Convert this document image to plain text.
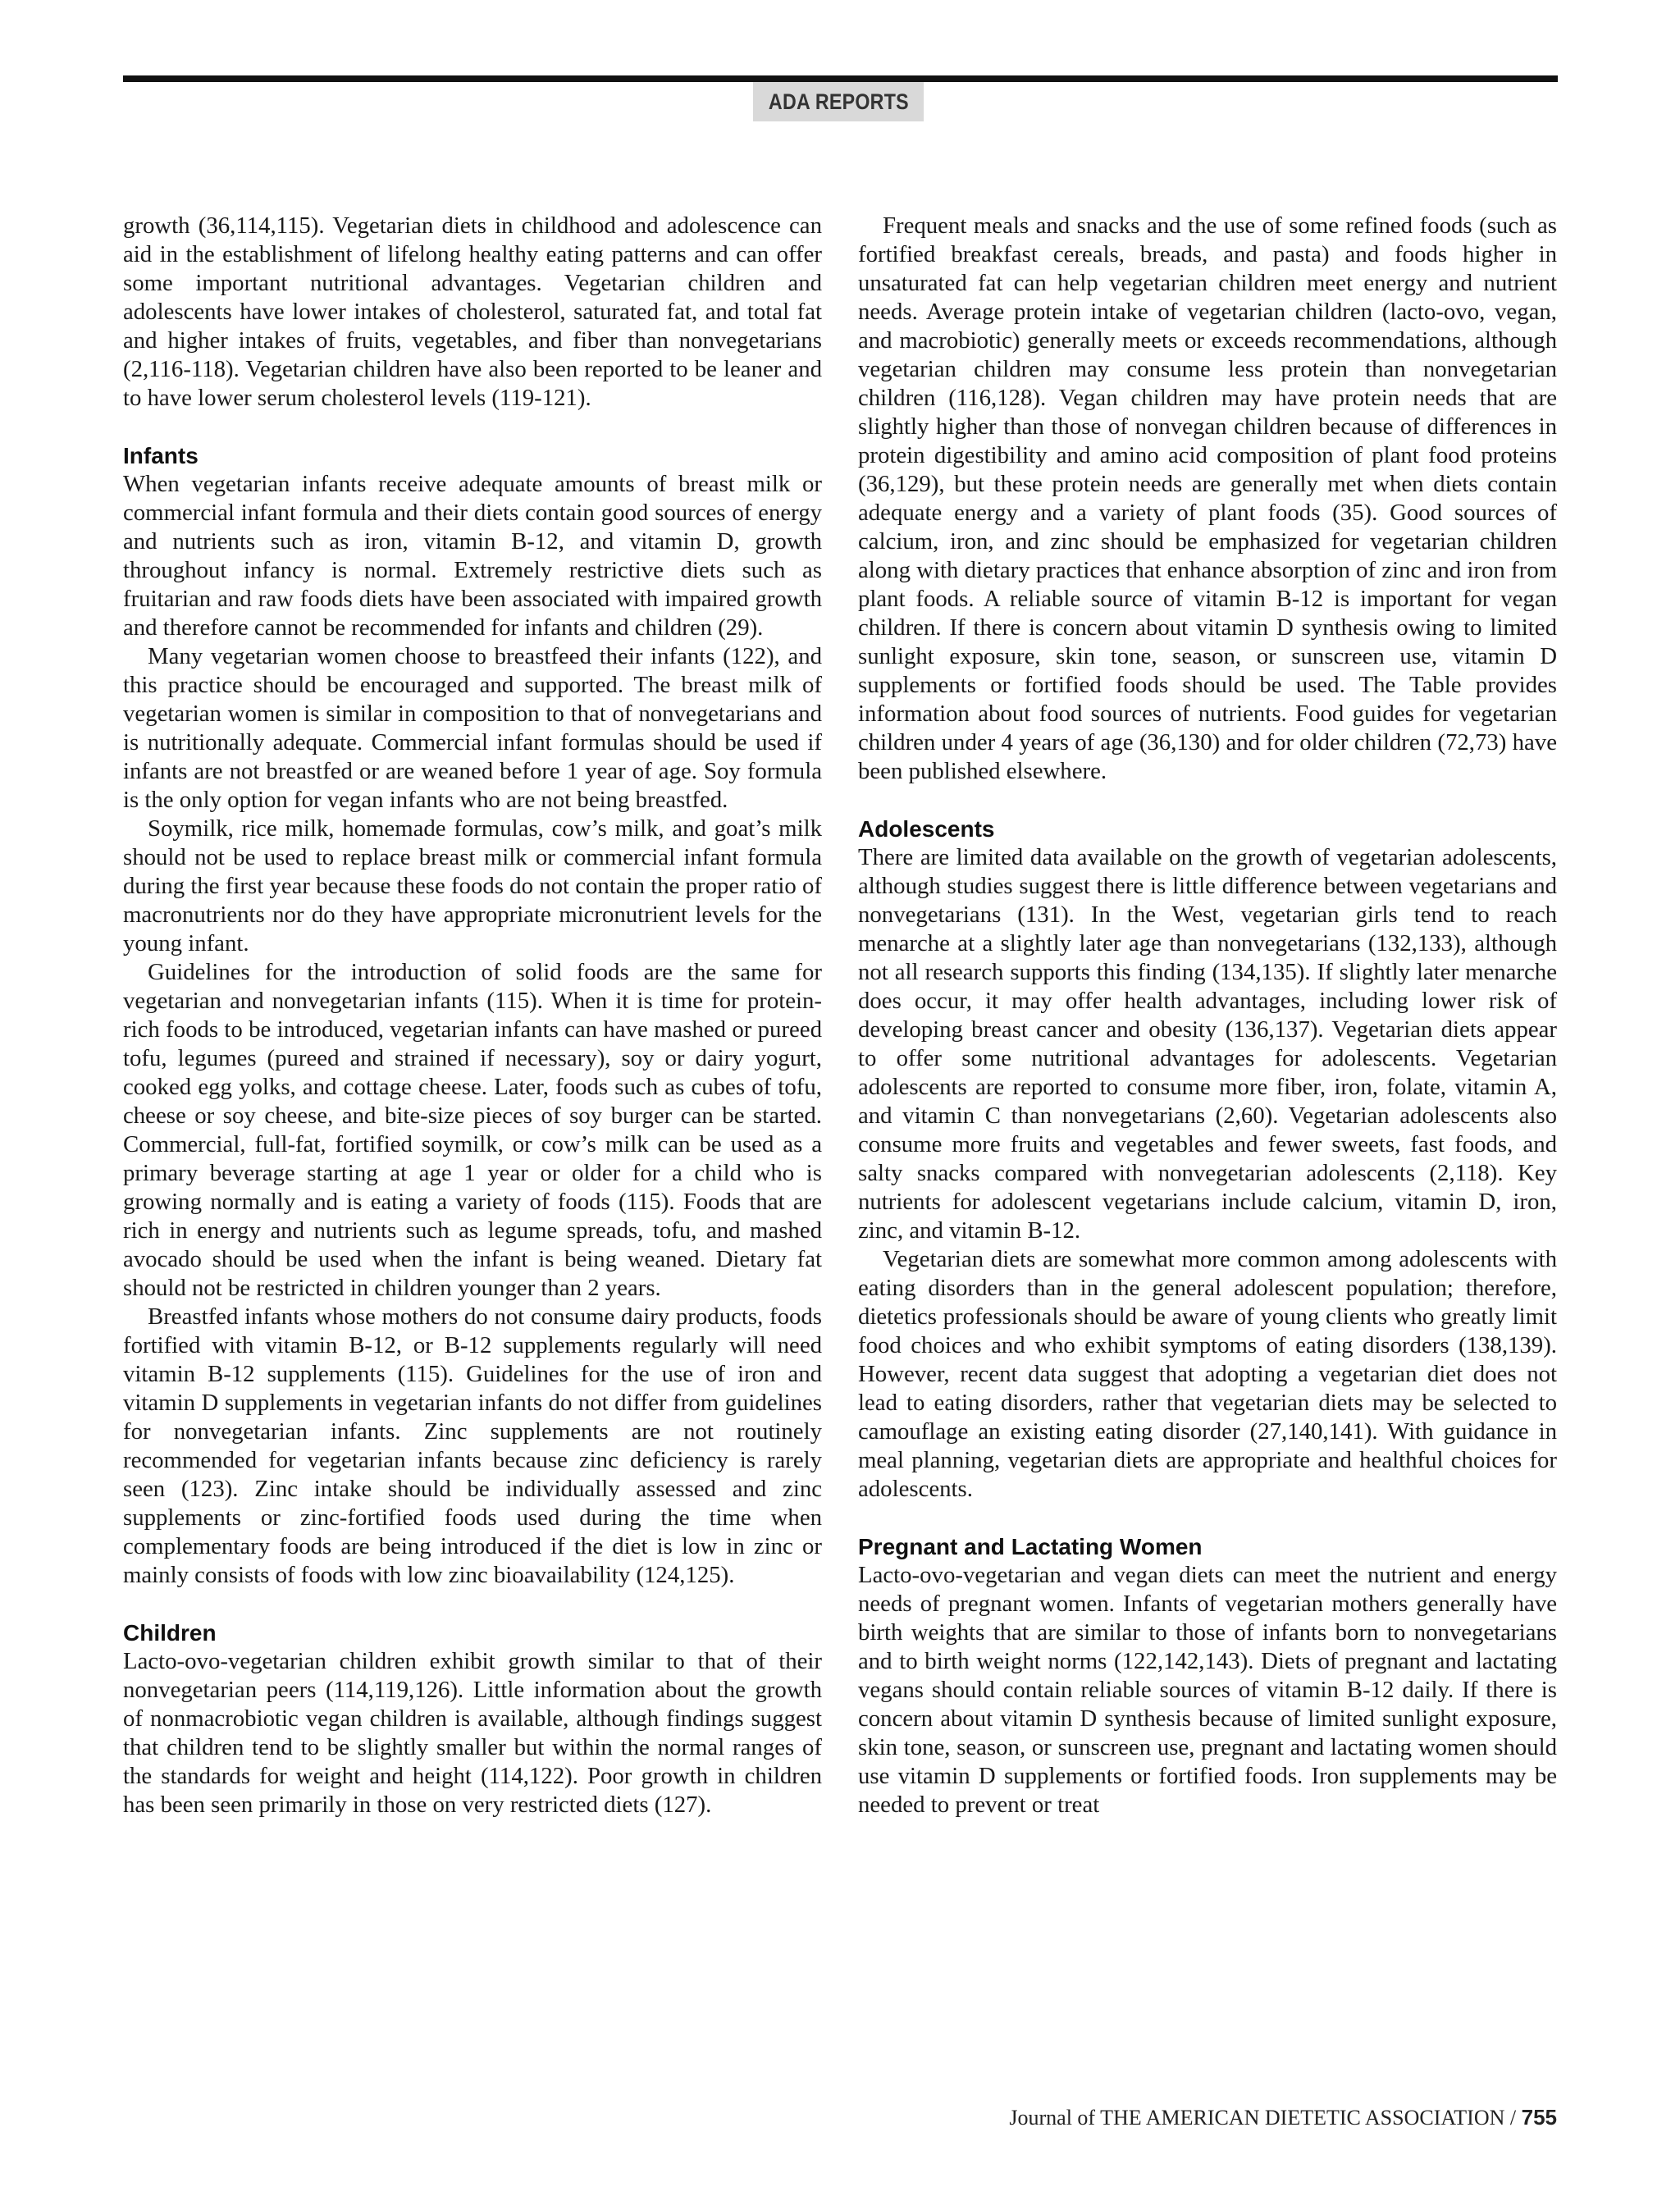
ADA REPORTS

growth (36,114,115). Vegetarian diets in childhood and adolescence can aid in the establishment of lifelong healthy eating patterns and can offer some important nutritional advantages. Vegetarian children and adolescents have lower intakes of cholesterol, saturated fat, and total fat and higher intakes of fruits, vegetables, and fiber than nonvegetarians (2,116-118). Vegetarian children have also been reported to be leaner and to have lower serum cholesterol levels (119-121).

Infants

When vegetarian infants receive adequate amounts of breast milk or commercial infant formula and their diets contain good sources of energy and nutrients such as iron, vitamin B-12, and vitamin D, growth throughout infancy is normal. Extremely restrictive diets such as fruitarian and raw foods diets have been associated with impaired growth and therefore cannot be recommended for infants and children (29).

Many vegetarian women choose to breastfeed their infants (122), and this practice should be encouraged and supported. The breast milk of vegetarian women is similar in composition to that of nonvegetarians and is nutritionally adequate. Commercial infant formulas should be used if infants are not breastfed or are weaned before 1 year of age. Soy formula is the only option for vegan infants who are not being breastfed.

Soymilk, rice milk, homemade formulas, cow’s milk, and goat’s milk should not be used to replace breast milk or commercial infant formula during the first year because these foods do not contain the proper ratio of macronutrients nor do they have appropriate micronutrient levels for the young infant.

Guidelines for the introduction of solid foods are the same for vegetarian and nonvegetarian infants (115). When it is time for protein-rich foods to be introduced, vegetarian infants can have mashed or pureed tofu, legumes (pureed and strained if necessary), soy or dairy yogurt, cooked egg yolks, and cottage cheese. Later, foods such as cubes of tofu, cheese or soy cheese, and bite-size pieces of soy burger can be started. Commercial, full-fat, fortified soymilk, or cow’s milk can be used as a primary beverage starting at age 1 year or older for a child who is growing normally and is eating a variety of foods (115). Foods that are rich in energy and nutrients such as legume spreads, tofu, and mashed avocado should be used when the infant is being weaned. Dietary fat should not be restricted in children younger than 2 years.

Breastfed infants whose mothers do not consume dairy products, foods fortified with vitamin B-12, or B-12 supplements regularly will need vitamin B-12 supplements (115). Guidelines for the use of iron and vitamin D supplements in vegetarian infants do not differ from guidelines for nonvegetarian infants. Zinc supplements are not routinely recommended for vegetarian infants because zinc deficiency is rarely seen (123). Zinc intake should be individually assessed and zinc supplements or zinc-fortified foods used during the time when complementary foods are being introduced if the diet is low in zinc or mainly consists of foods with low zinc bioavailability (124,125).

Children

Lacto-ovo-vegetarian children exhibit growth similar to that of their nonvegetarian peers (114,119,126). Little information about the growth of nonmacrobiotic vegan children is available, although findings suggest that children tend to be slightly smaller but within the normal ranges of the standards for weight and height (114,122). Poor growth in children has been seen primarily in those on very restricted diets (127).

Frequent meals and snacks and the use of some refined foods (such as fortified breakfast cereals, breads, and pasta) and foods higher in unsaturated fat can help vegetarian children meet energy and nutrient needs. Average protein intake of vegetarian children (lacto-ovo, vegan, and macrobiotic) generally meets or exceeds recommendations, although vegetarian children may consume less protein than nonvegetarian children (116,128). Vegan children may have protein needs that are slightly higher than those of nonvegan children because of differences in protein digestibility and amino acid composition of plant food proteins (36,129), but these protein needs are generally met when diets contain adequate energy and a variety of plant foods (35). Good sources of calcium, iron, and zinc should be emphasized for vegetarian children along with dietary practices that enhance absorption of zinc and iron from plant foods. A reliable source of vitamin B-12 is important for vegan children. If there is concern about vitamin D synthesis owing to limited sunlight exposure, skin tone, season, or sunscreen use, vitamin D supplements or fortified foods should be used. The Table provides information about food sources of nutrients. Food guides for vegetarian children under 4 years of age (36,130) and for older children (72,73) have been published elsewhere.

Adolescents

There are limited data available on the growth of vegetarian adolescents, although studies suggest there is little difference between vegetarians and nonvegetarians (131). In the West, vegetarian girls tend to reach menarche at a slightly later age than nonvegetarians (132,133), although not all research supports this finding (134,135). If slightly later menarche does occur, it may offer health advantages, including lower risk of developing breast cancer and obesity (136,137). Vegetarian diets appear to offer some nutritional advantages for adolescents. Vegetarian adolescents are reported to consume more fiber, iron, folate, vitamin A, and vitamin C than nonvegetarians (2,60). Vegetarian adolescents also consume more fruits and vegetables and fewer sweets, fast foods, and salty snacks compared with nonvegetarian adolescents (2,118). Key nutrients for adolescent vegetarians include calcium, vitamin D, iron, zinc, and vitamin B-12.

Vegetarian diets are somewhat more common among adolescents with eating disorders than in the general adolescent population; therefore, dietetics professionals should be aware of young clients who greatly limit food choices and who exhibit symptoms of eating disorders (138,139). However, recent data suggest that adopting a vegetarian diet does not lead to eating disorders, rather that vegetarian diets may be selected to camouflage an existing eating disorder (27,140,141). With guidance in meal planning, vegetarian diets are appropriate and healthful choices for adolescents.

Pregnant and Lactating Women

Lacto-ovo-vegetarian and vegan diets can meet the nutrient and energy needs of pregnant women. Infants of vegetarian mothers generally have birth weights that are similar to those of infants born to nonvegetarians and to birth weight norms (122,142,143). Diets of pregnant and lactating vegans should contain reliable sources of vitamin B-12 daily. If there is concern about vitamin D synthesis because of limited sunlight exposure, skin tone, season, or sunscreen use, pregnant and lactating women should use vitamin D supplements or fortified foods. Iron supplements may be needed to prevent or treat

Journal of THE AMERICAN DIETETIC ASSOCIATION / 755
